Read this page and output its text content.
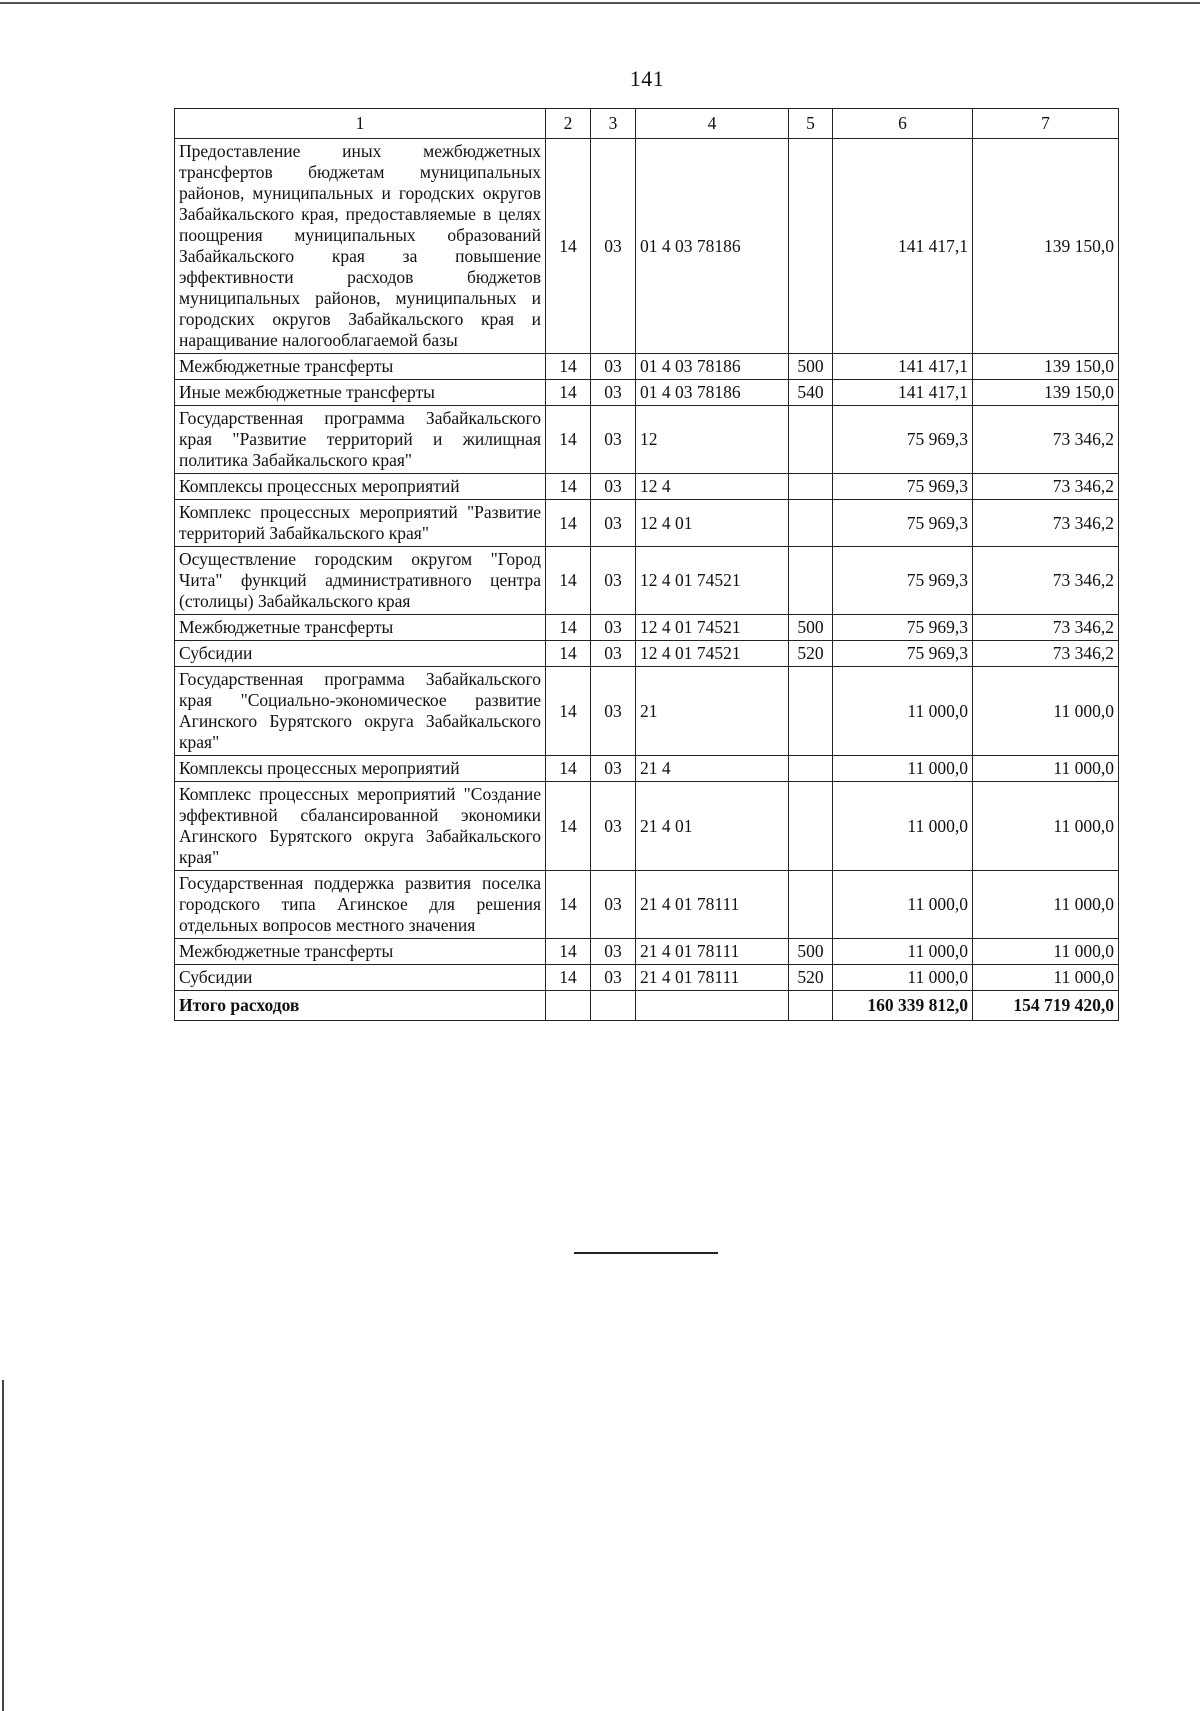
141
1	2	3	4	5	6	7
Предоставление иных межбюджетных трансфертов бюджетам муниципальных районов, муниципальных и городских округов Забайкальского края, предоставляемые в целях поощрения муниципальных образований Забайкальского края за повышение эффективности расходов бюджетов муниципальных районов, муниципальных и городских округов Забайкальского края и наращивание налогооблагаемой базы	14	03	01 4 03 78186		141 417,1	139 150,0
Межбюджетные трансферты	14	03	01 4 03 78186	500	141 417,1	139 150,0
Иные межбюджетные трансферты	14	03	01 4 03 78186	540	141 417,1	139 150,0
Государственная программа Забайкальского края "Развитие территорий и жилищная политика Забайкальского края"	14	03	12		75 969,3	73 346,2
Комплексы процессных мероприятий	14	03	12 4		75 969,3	73 346,2
Комплекс процессных мероприятий "Развитие территорий Забайкальского края"	14	03	12 4 01		75 969,3	73 346,2
Осуществление городским округом "Город Чита" функций административного центра (столицы) Забайкальского края	14	03	12 4 01 74521		75 969,3	73 346,2
Межбюджетные трансферты	14	03	12 4 01 74521	500	75 969,3	73 346,2
Субсидии	14	03	12 4 01 74521	520	75 969,3	73 346,2
Государственная программа Забайкальского края "Социально-экономическое развитие Агинского Бурятского округа Забайкальского края"	14	03	21		11 000,0	11 000,0
Комплексы процессных мероприятий	14	03	21 4		11 000,0	11 000,0
Комплекс процессных мероприятий "Создание эффективной сбалансированной экономики Агинского Бурятского округа Забайкальского края"	14	03	21 4 01		11 000,0	11 000,0
Государственная поддержка развития поселка городского типа Агинское для решения отдельных вопросов местного значения	14	03	21 4 01 78111		11 000,0	11 000,0
Межбюджетные трансферты	14	03	21 4 01 78111	500	11 000,0	11 000,0
Субсидии	14	03	21 4 01 78111	520	11 000,0	11 000,0
Итого расходов					160 339 812,0	154 719 420,0
